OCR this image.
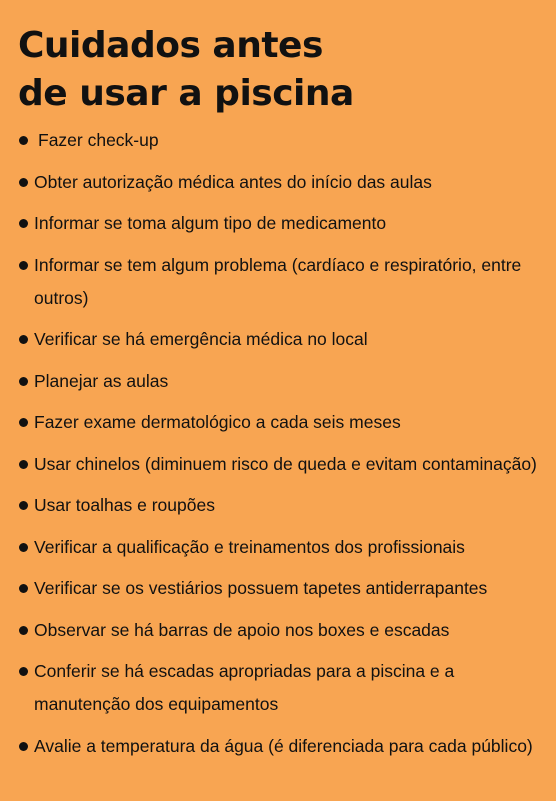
Cuidados antes
de usar a piscina
Fazer check-up
Obter autorização médica antes do início das aulas
Informar se toma algum tipo de medicamento
Informar se tem algum problema (cardíaco e respiratório, entre outros)
Verificar se há emergência médica no local
Planejar as aulas
Fazer exame dermatológico a cada seis meses
Usar chinelos (diminuem risco de queda e evitam contaminação)
Usar toalhas e roupões
Verificar a qualificação e treinamentos dos profissionais
Verificar se os vestiários possuem tapetes antiderrapantes
Observar se há barras de apoio nos boxes e escadas
Conferir se há escadas apropriadas para a piscina e a manutenção dos equipamentos
Avalie a temperatura da água (é diferenciada para cada público)
